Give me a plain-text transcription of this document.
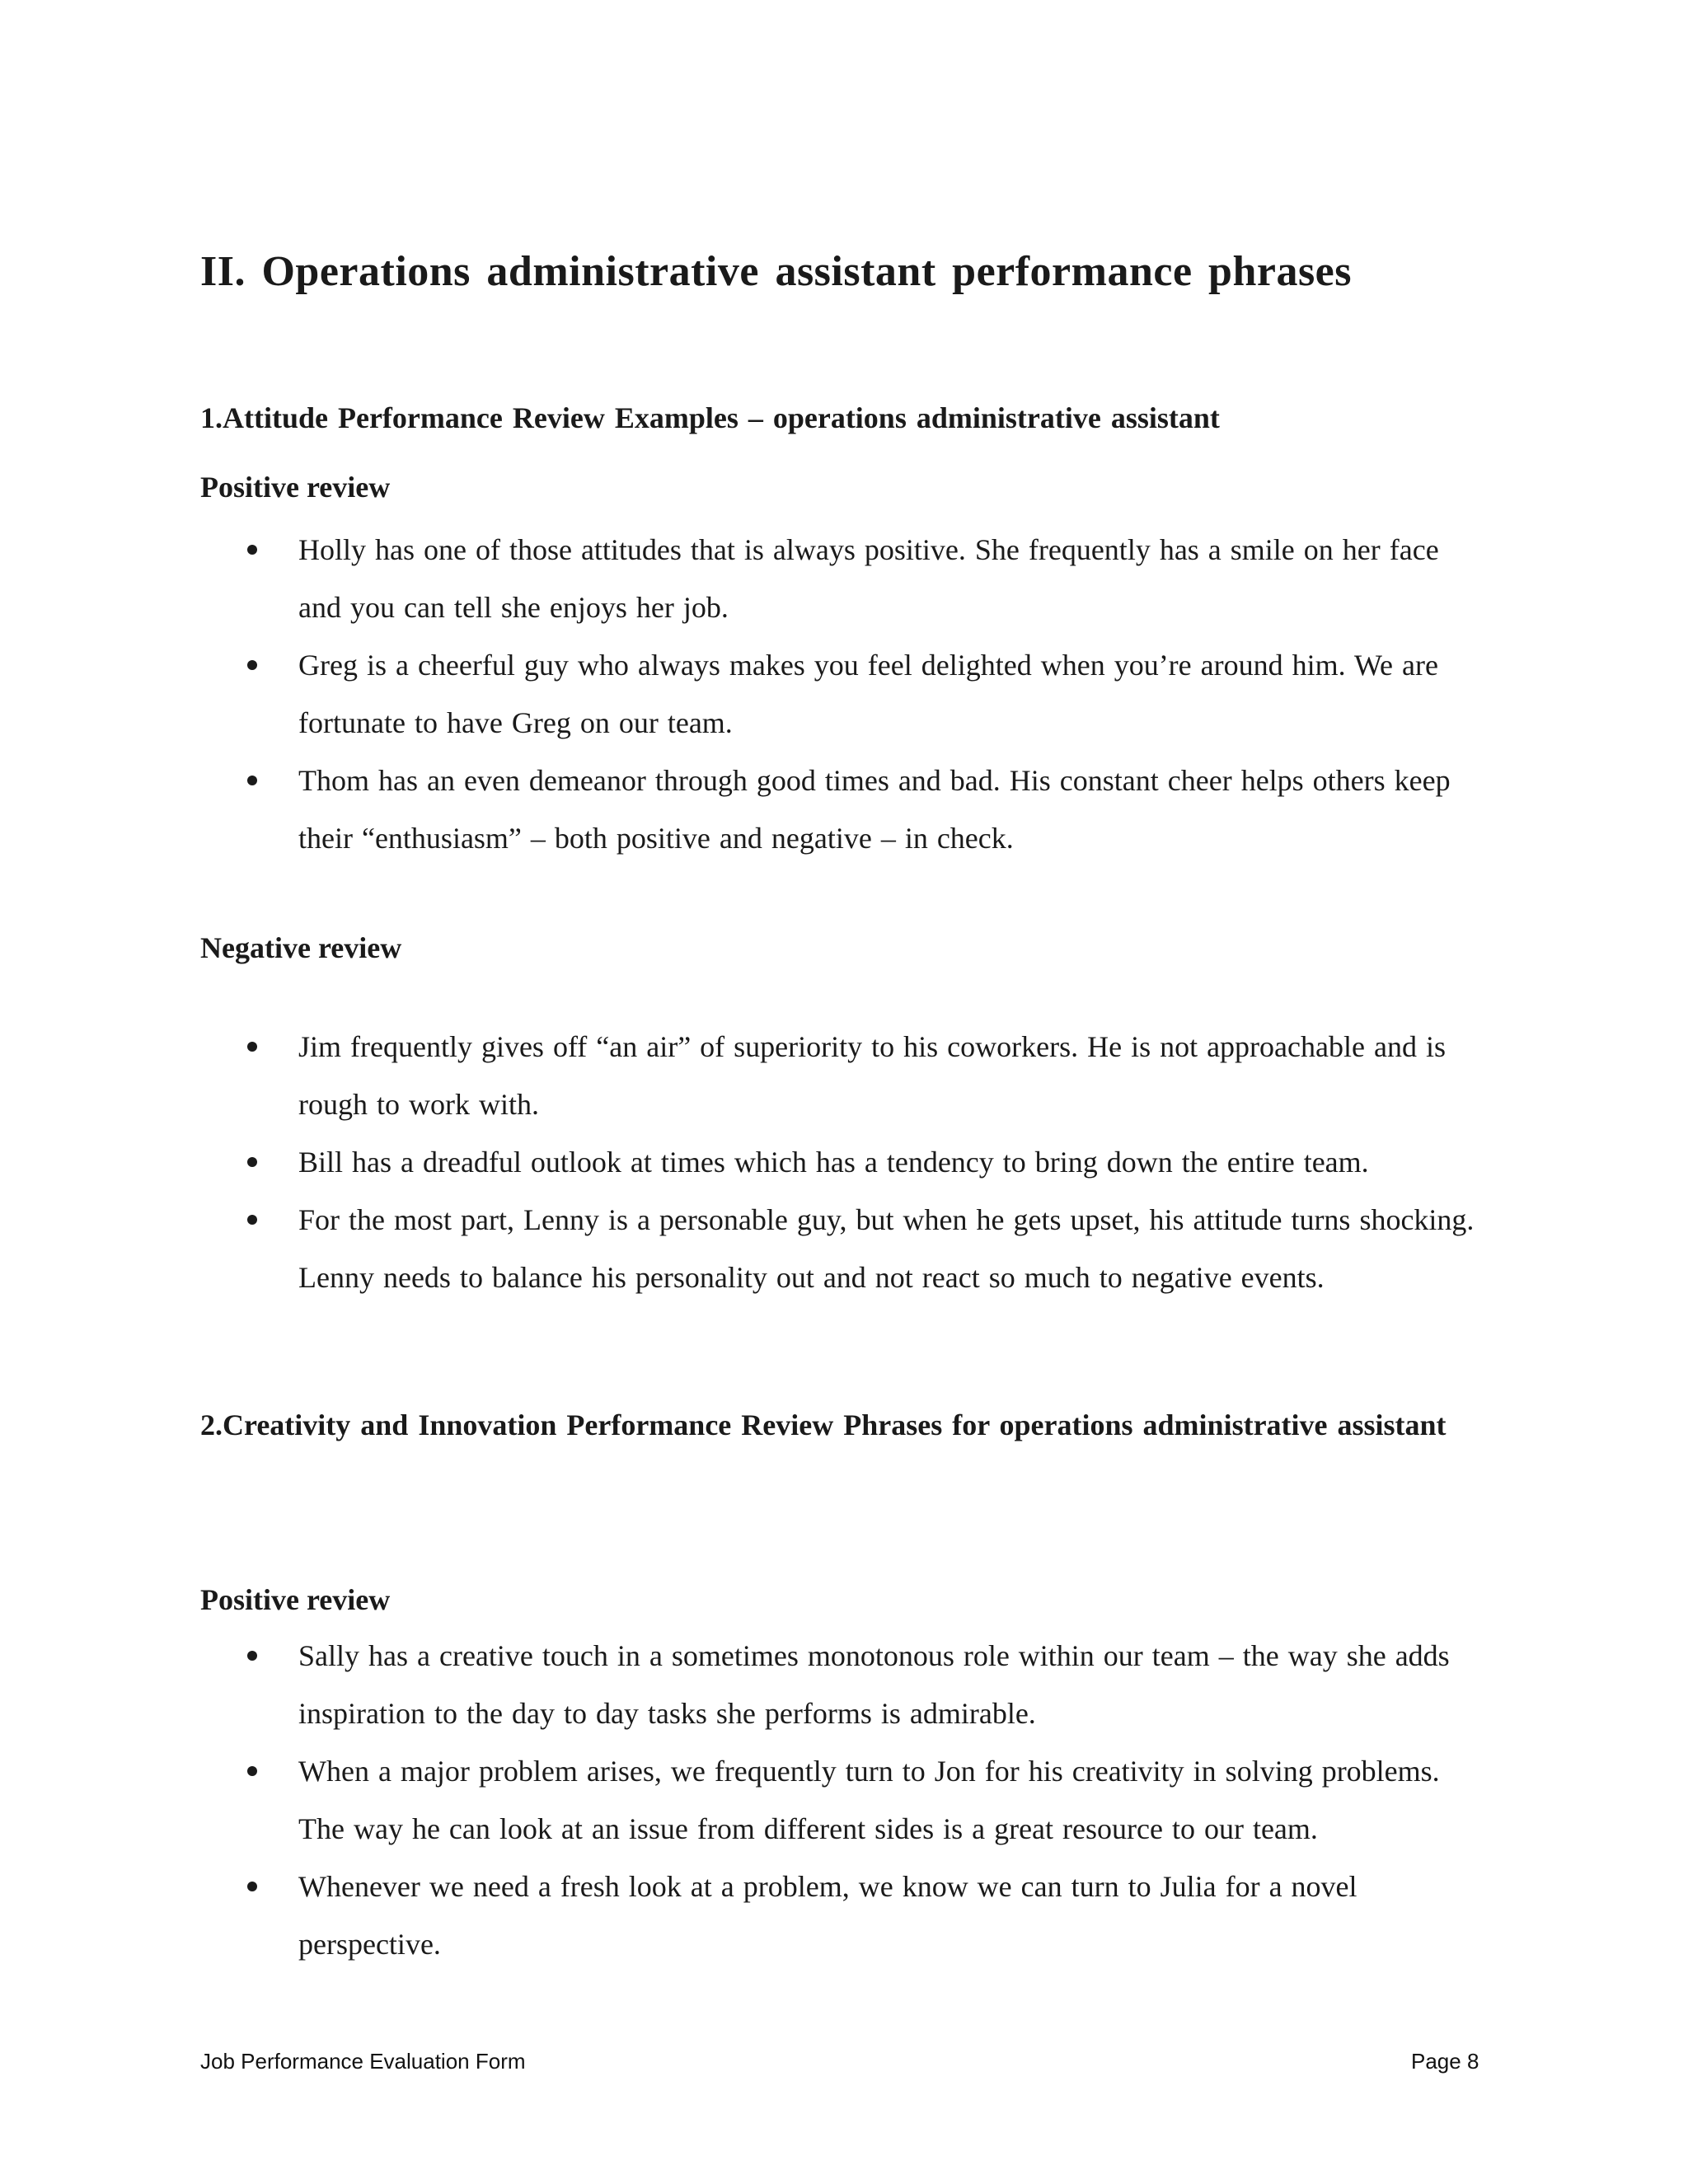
II. Operations administrative assistant performance phrases
1.Attitude Performance Review Examples – operations administrative assistant
Positive review
Holly has one of those attitudes that is always positive. She frequently has a smile on her face and you can tell she enjoys her job.
Greg is a cheerful guy who always makes you feel delighted when you’re around him. We are fortunate to have Greg on our team.
Thom has an even demeanor through good times and bad. His constant cheer helps others keep their “enthusiasm” – both positive and negative – in check.
Negative review
Jim frequently gives off “an air” of superiority to his coworkers. He is not approachable and is rough to work with.
Bill has a dreadful outlook at times which has a tendency to bring down the entire team.
For the most part, Lenny is a personable guy, but when he gets upset, his attitude turns shocking. Lenny needs to balance his personality out and not react so much to negative events.
2.Creativity and Innovation Performance Review Phrases for operations administrative assistant
Positive review
Sally has a creative touch in a sometimes monotonous role within our team – the way she adds inspiration to the day to day tasks she performs is admirable.
When a major problem arises, we frequently turn to Jon for his creativity in solving problems. The way he can look at an issue from different sides is a great resource to our team.
Whenever we need a fresh look at a problem, we know we can turn to Julia for a novel perspective.
Job Performance Evaluation Form	Page 8
